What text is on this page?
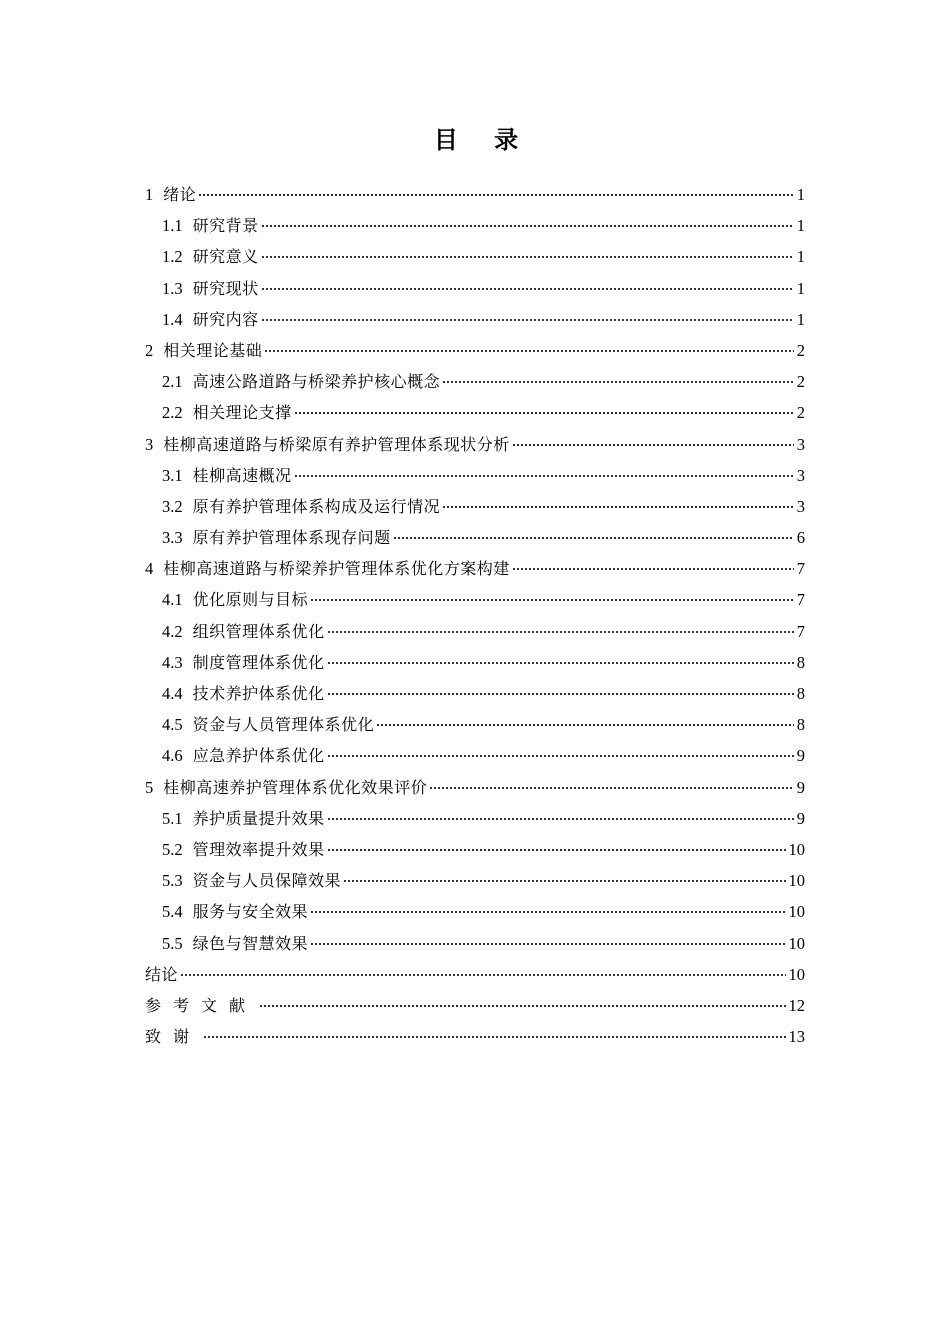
目 录
1 绪论	1
1.1 研究背景	1
1.2 研究意义	1
1.3 研究现状	1
1.4 研究内容	1
2 相关理论基础	2
2.1 高速公路道路与桥梁养护核心概念	2
2.2 相关理论支撑	2
3 桂柳高速道路与桥梁原有养护管理体系现状分析	3
3.1 桂柳高速概况	3
3.2 原有养护管理体系构成及运行情况	3
3.3 原有养护管理体系现存问题	6
4 桂柳高速道路与桥梁养护管理体系优化方案构建	7
4.1 优化原则与目标	7
4.2 组织管理体系优化	7
4.3 制度管理体系优化	8
4.4 技术养护体系优化	8
4.5 资金与人员管理体系优化	8
4.6 应急养护体系优化	9
5 桂柳高速养护管理体系优化效果评价	9
5.1 养护质量提升效果	9
5.2 管理效率提升效果	10
5.3 资金与人员保障效果	10
5.4 服务与安全效果	10
5.5 绿色与智慧效果	10
结论	10
参考文献	12
致谢	13
